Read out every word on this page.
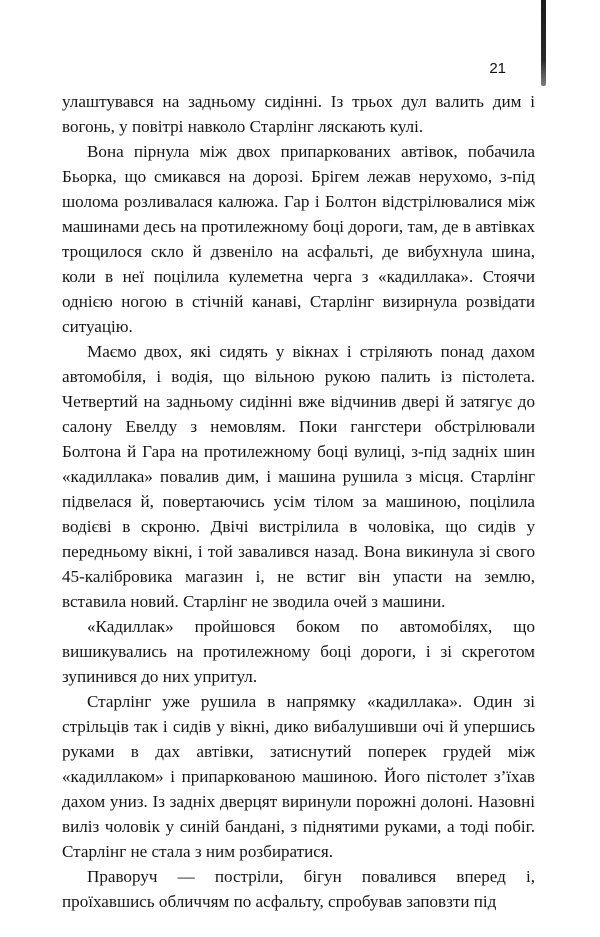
21

улаштувався на задньому сидінні. Із трьох дул валить дим і вогонь, у повітрі навколо Старлінг ляскають кулі.

Вона пірнула між двох припаркованих автівок, побачила Бьорка, що смикався на дорозі. Брігем лежав нерухомо, з-під шолома розливалася калюжа. Гар і Болтон відстрілювалися між машинами десь на протилежному боці дороги, там, де в автівках трощилося скло й дзвеніло на асфальті, де вибухнула шина, коли в неї поцілила кулеметна черга з «кадиллака». Стоячи однією ногою в стічній канаві, Старлінг визирнула розвідати ситуацію.

Маємо двох, які сидять у вікнах і стріляють понад дахом автомобіля, і водія, що вільною рукою палить із пістолета. Четвертий на задньому сидінні вже відчинив двері й затягує до салону Евелду з немовлям. Поки гангстери обстрілювали Болтона й Гара на протилежному боці вулиці, з-під задніх шин «кадиллака» повалив дим, і машина рушила з місця. Старлінг підвелася й, повертаючись усім тілом за машиною, поцілила водієві в скроню. Двічі вистрілила в чоловіка, що сидів у передньому вікні, і той завалився назад. Вона викинула зі свого 45-калібровика магазин і, не встиг він упасти на землю, вставила новий. Старлінг не зводила очей з машини.

«Кадиллак» пройшовся боком по автомобілях, що вишикувались на протилежному боці дороги, і зі скреготом зупинився до них упритул.

Старлінг уже рушила в напрямку «кадиллака». Один зі стрільців так і сидів у вікні, дико вибалушивши очі й упершись руками в дах автівки, затиснутий поперек грудей між «кадиллаком» і припаркованою машиною. Його пістолет з’їхав дахом униз. Із задніх дверцят виринули порожні долоні. Назовні виліз чоловік у синій бандані, з піднятими руками, а тоді побіг. Старлінг не стала з ним розбиратися.

Праворуч — постріли, бігун повалився вперед і, проїхавшись обличчям по асфальту, спробував заповзти під
